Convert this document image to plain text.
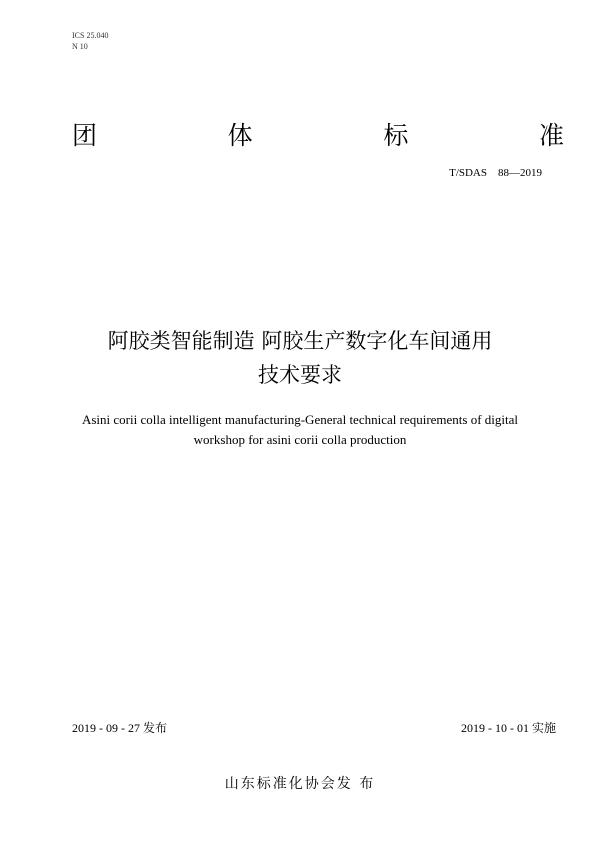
ICS 25.040
N 10
团	体	标	准
T/SDAS    88—2019
阿胶类智能制造 阿胶生产数字化车间通用
技术要求
Asini corii colla intelligent manufacturing-General technical requirements of digital
workshop for asini corii colla production
2019 - 09 - 27 发布	2019 - 10 - 01 实施
山东标准化协会发 布
